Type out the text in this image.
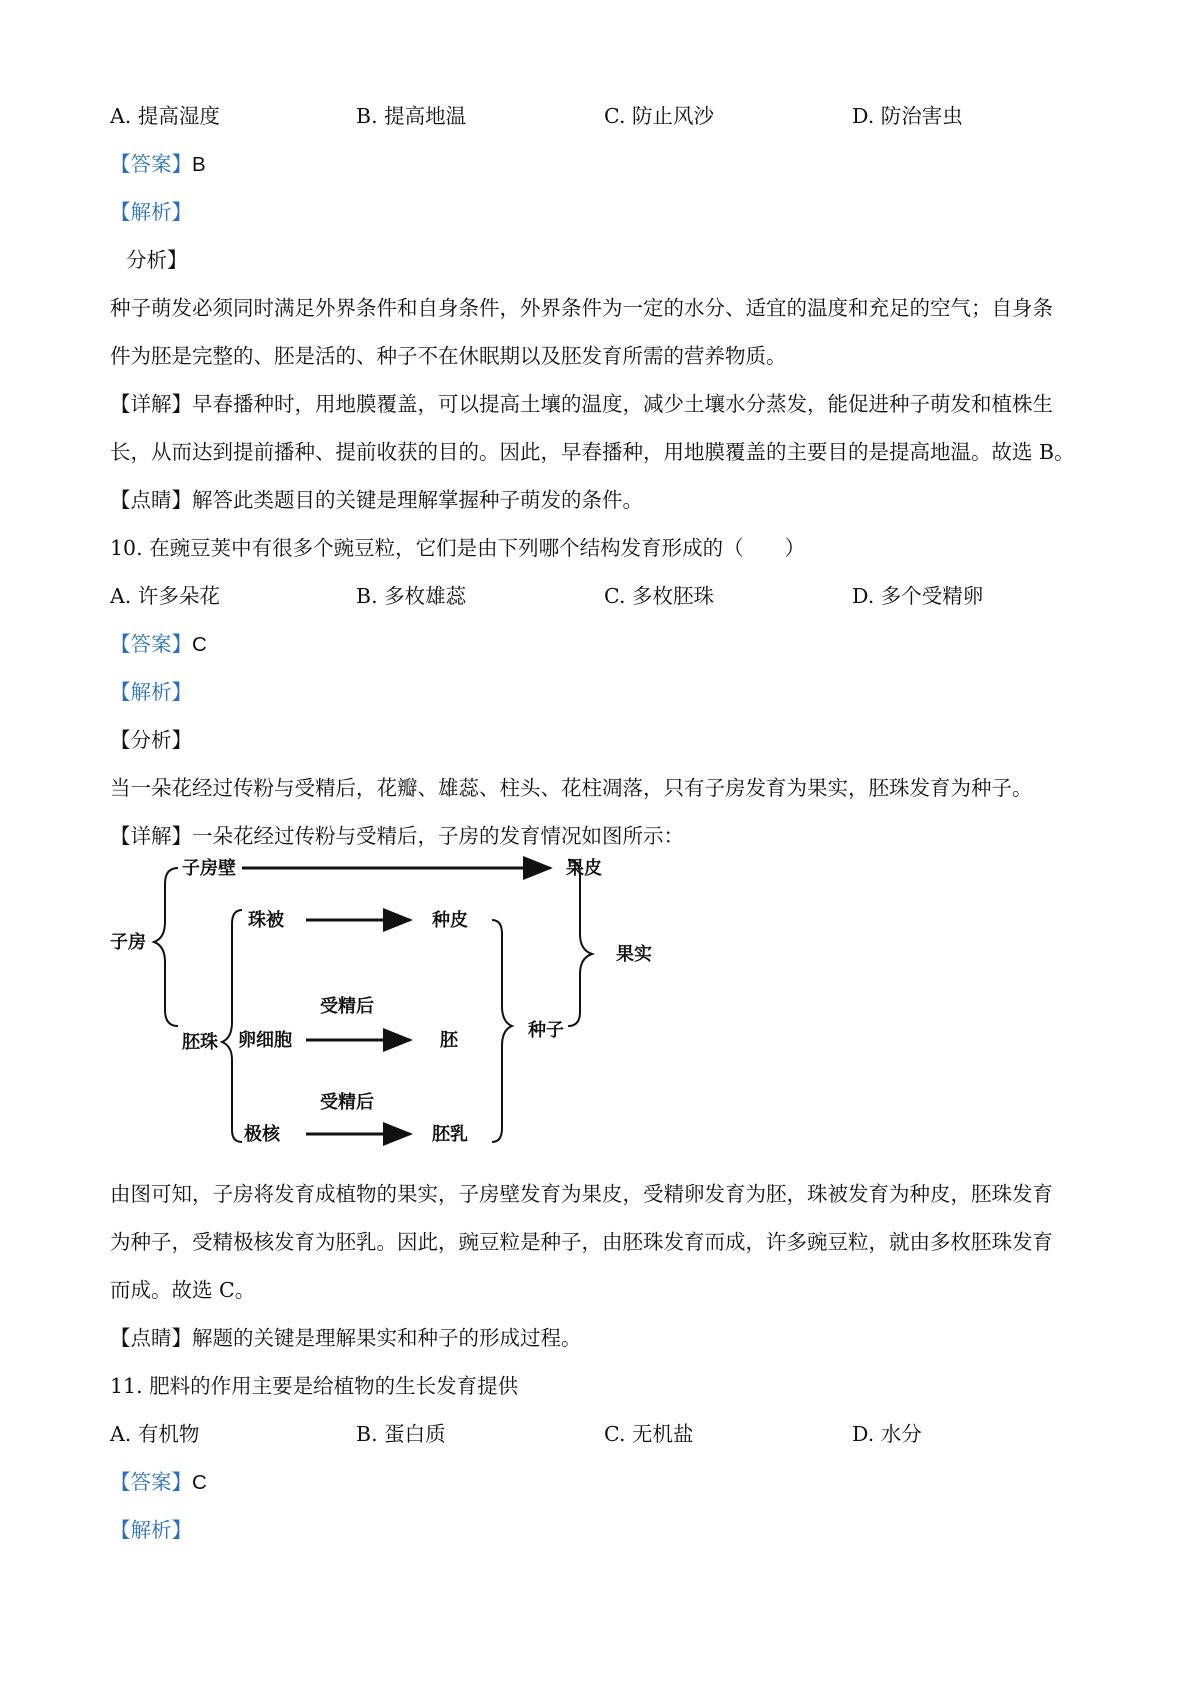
A. 提高湿度	B. 提高地温	C. 防止风沙	D. 防治害虫
【答案】B
【解析】
分析】
种子萌发必须同时满足外界条件和自身条件，外界条件为一定的水分、适宜的温度和充足的空气；自身条
件为胚是完整的、胚是活的、种子不在休眠期以及胚发育所需的营养物质。
【详解】早春播种时，用地膜覆盖，可以提高土壤的温度，减少土壤水分蒸发，能促进种子萌发和植株生
长，从而达到提前播种、提前收获的目的。因此，早春播种，用地膜覆盖的主要目的是提高地温。故选 B。
【点睛】解答此类题目的关键是理解掌握种子萌发的条件。
10. 在豌豆荚中有很多个豌豆粒，它们是由下列哪个结构发育形成的（　　）
A. 许多朵花	B. 多枚雄蕊	C. 多枚胚珠	D. 多个受精卵
【答案】C
【解析】
【分析】
当一朵花经过传粉与受精后，花瓣、雄蕊、柱头、花柱凋落，只有子房发育为果实，胚珠发育为种子。
【详解】一朵花经过传粉与受精后，子房的发育情况如图所示：
子房
子房壁	果皮
胚珠
珠被	种皮
受精后
卵细胞	胚
受精后
极核	胚乳
种子
果实
由图可知，子房将发育成植物的果实，子房壁发育为果皮，受精卵发育为胚，珠被发育为种皮，胚珠发育
为种子，受精极核发育为胚乳。因此，豌豆粒是种子，由胚珠发育而成，许多豌豆粒，就由多枚胚珠发育
而成。故选 C。
【点睛】解题的关键是理解果实和种子的形成过程。
11. 肥料的作用主要是给植物的生长发育提供
A. 有机物	B. 蛋白质	C. 无机盐	D. 水分
【答案】C
【解析】
